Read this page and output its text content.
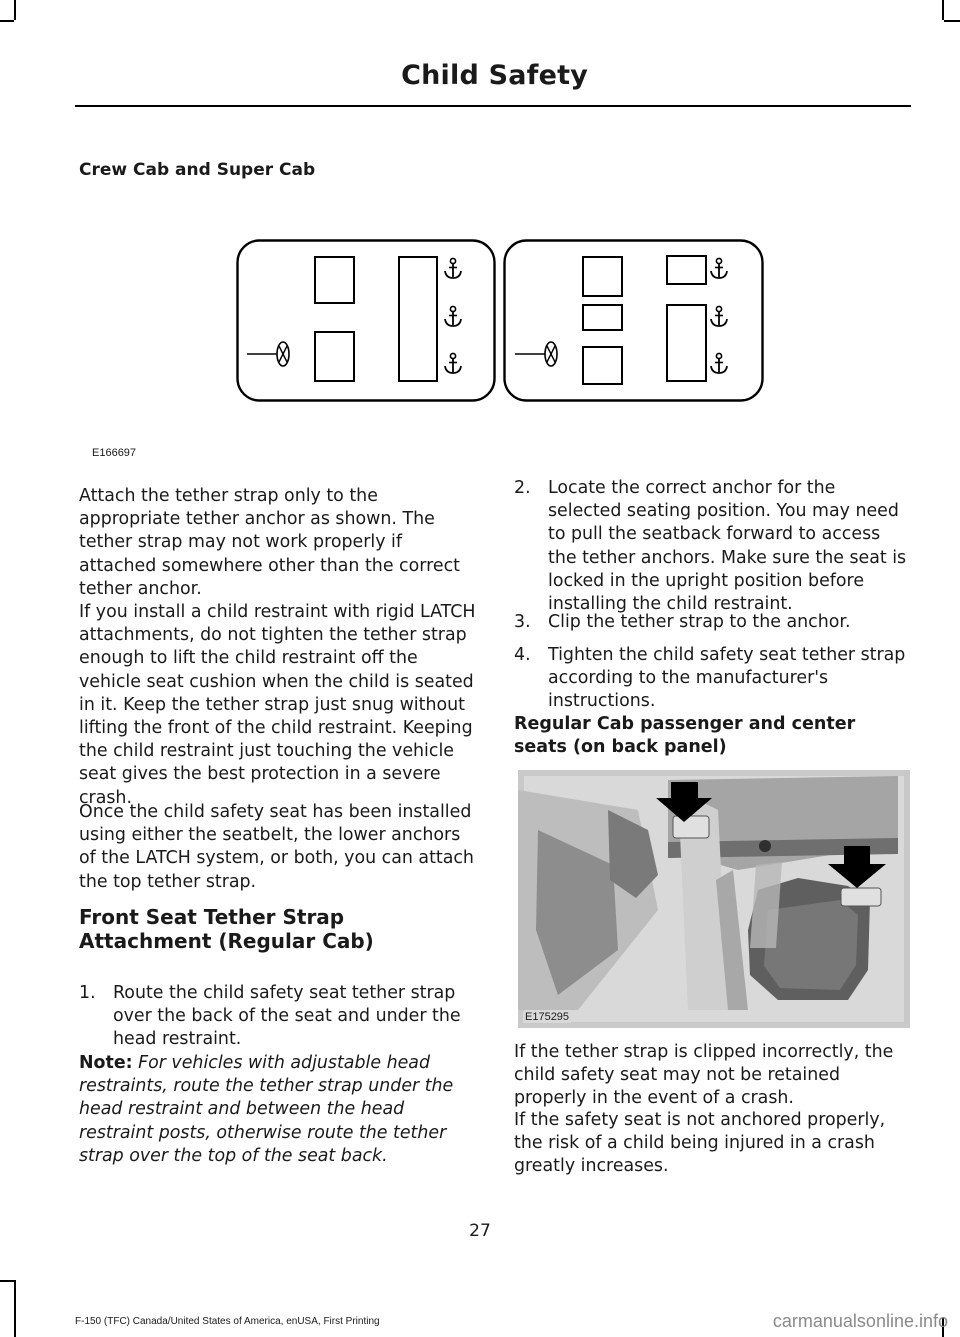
Child Safety
Crew Cab and Super Cab
E166697

Attach the tether strap only to the appropriate tether anchor as shown. The tether strap may not work properly if attached somewhere other than the correct tether anchor.

If you install a child restraint with rigid LATCH attachments, do not tighten the tether strap enough to lift the child restraint off the vehicle seat cushion when the child is seated in it. Keep the tether strap just snug without lifting the front of the child restraint. Keeping the child restraint just touching the vehicle seat gives the best protection in a severe crash.

Once the child safety seat has been installed using either the seatbelt, the lower anchors of the LATCH system, or both, you can attach the top tether strap.

Front Seat Tether Strap Attachment (Regular Cab)
1. Route the child safety seat tether strap over the back of the seat and under the head restraint.

Note: For vehicles with adjustable head restraints, route the tether strap under the head restraint and between the head restraint posts, otherwise route the tether strap over the top of the seat back.

2. Locate the correct anchor for the selected seating position. You may need to pull the seatback forward to access the tether anchors. Make sure the seat is locked in the upright position before installing the child restraint.
3. Clip the tether strap to the anchor.
4. Tighten the child safety seat tether strap according to the manufacturer's instructions.
Regular Cab passenger and center seats (on back panel)
E175295

If the tether strap is clipped incorrectly, the child safety seat may not be retained properly in the event of a crash.

If the safety seat is not anchored properly, the risk of a child being injured in a crash greatly increases.

27
F-150 (TFC) Canada/United States of America, enUSA, First Printing	carmanualsonline.info
